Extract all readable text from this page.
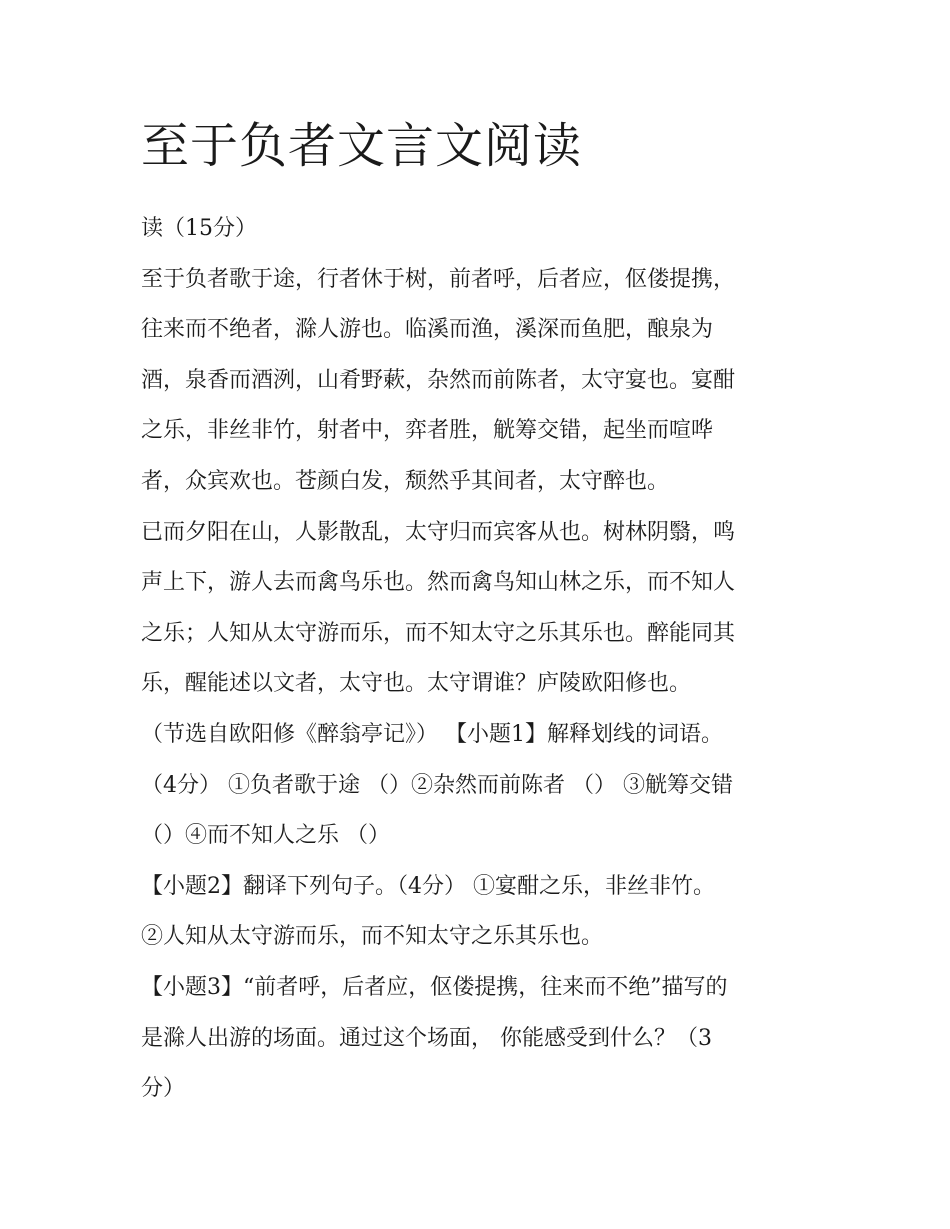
至于负者文言文阅读

读（15分）

至于负者歌于途，行者休于树，前者呼，后者应，伛偻提携，

往来而不绝者，滁人游也。临溪而渔，溪深而鱼肥，酿泉为

酒，泉香而酒洌，山肴野蔌，杂然而前陈者，太守宴也。宴酣

之乐，非丝非竹，射者中，弈者胜，觥筹交错，起坐而喧哗

者，众宾欢也。苍颜白发，颓然乎其间者，太守醉也。

已而夕阳在山，人影散乱，太守归而宾客从也。树林阴翳，鸣

声上下，游人去而禽鸟乐也。然而禽鸟知山林之乐，而不知人

之乐；人知从太守游而乐，而不知太守之乐其乐也。醉能同其

乐，醒能述以文者，太守也。太守谓谁？庐陵欧阳修也。

（节选自欧阳修《醉翁亭记》） 【小题1】解释划线的词语。

（4分） ①负者歌于途 （）②杂然而前陈者 （） ③觥筹交错

（）④而不知人之乐 （）

【小题2】翻译下列句子。（4分） ①宴酣之乐，非丝非竹。

②人知从太守游而乐，而不知太守之乐其乐也。

【小题3】“前者呼，后者应，伛偻提携，往来而不绝”描写的

是滁人出游的场面。通过这个场面， 你能感受到什么？（3

分）
